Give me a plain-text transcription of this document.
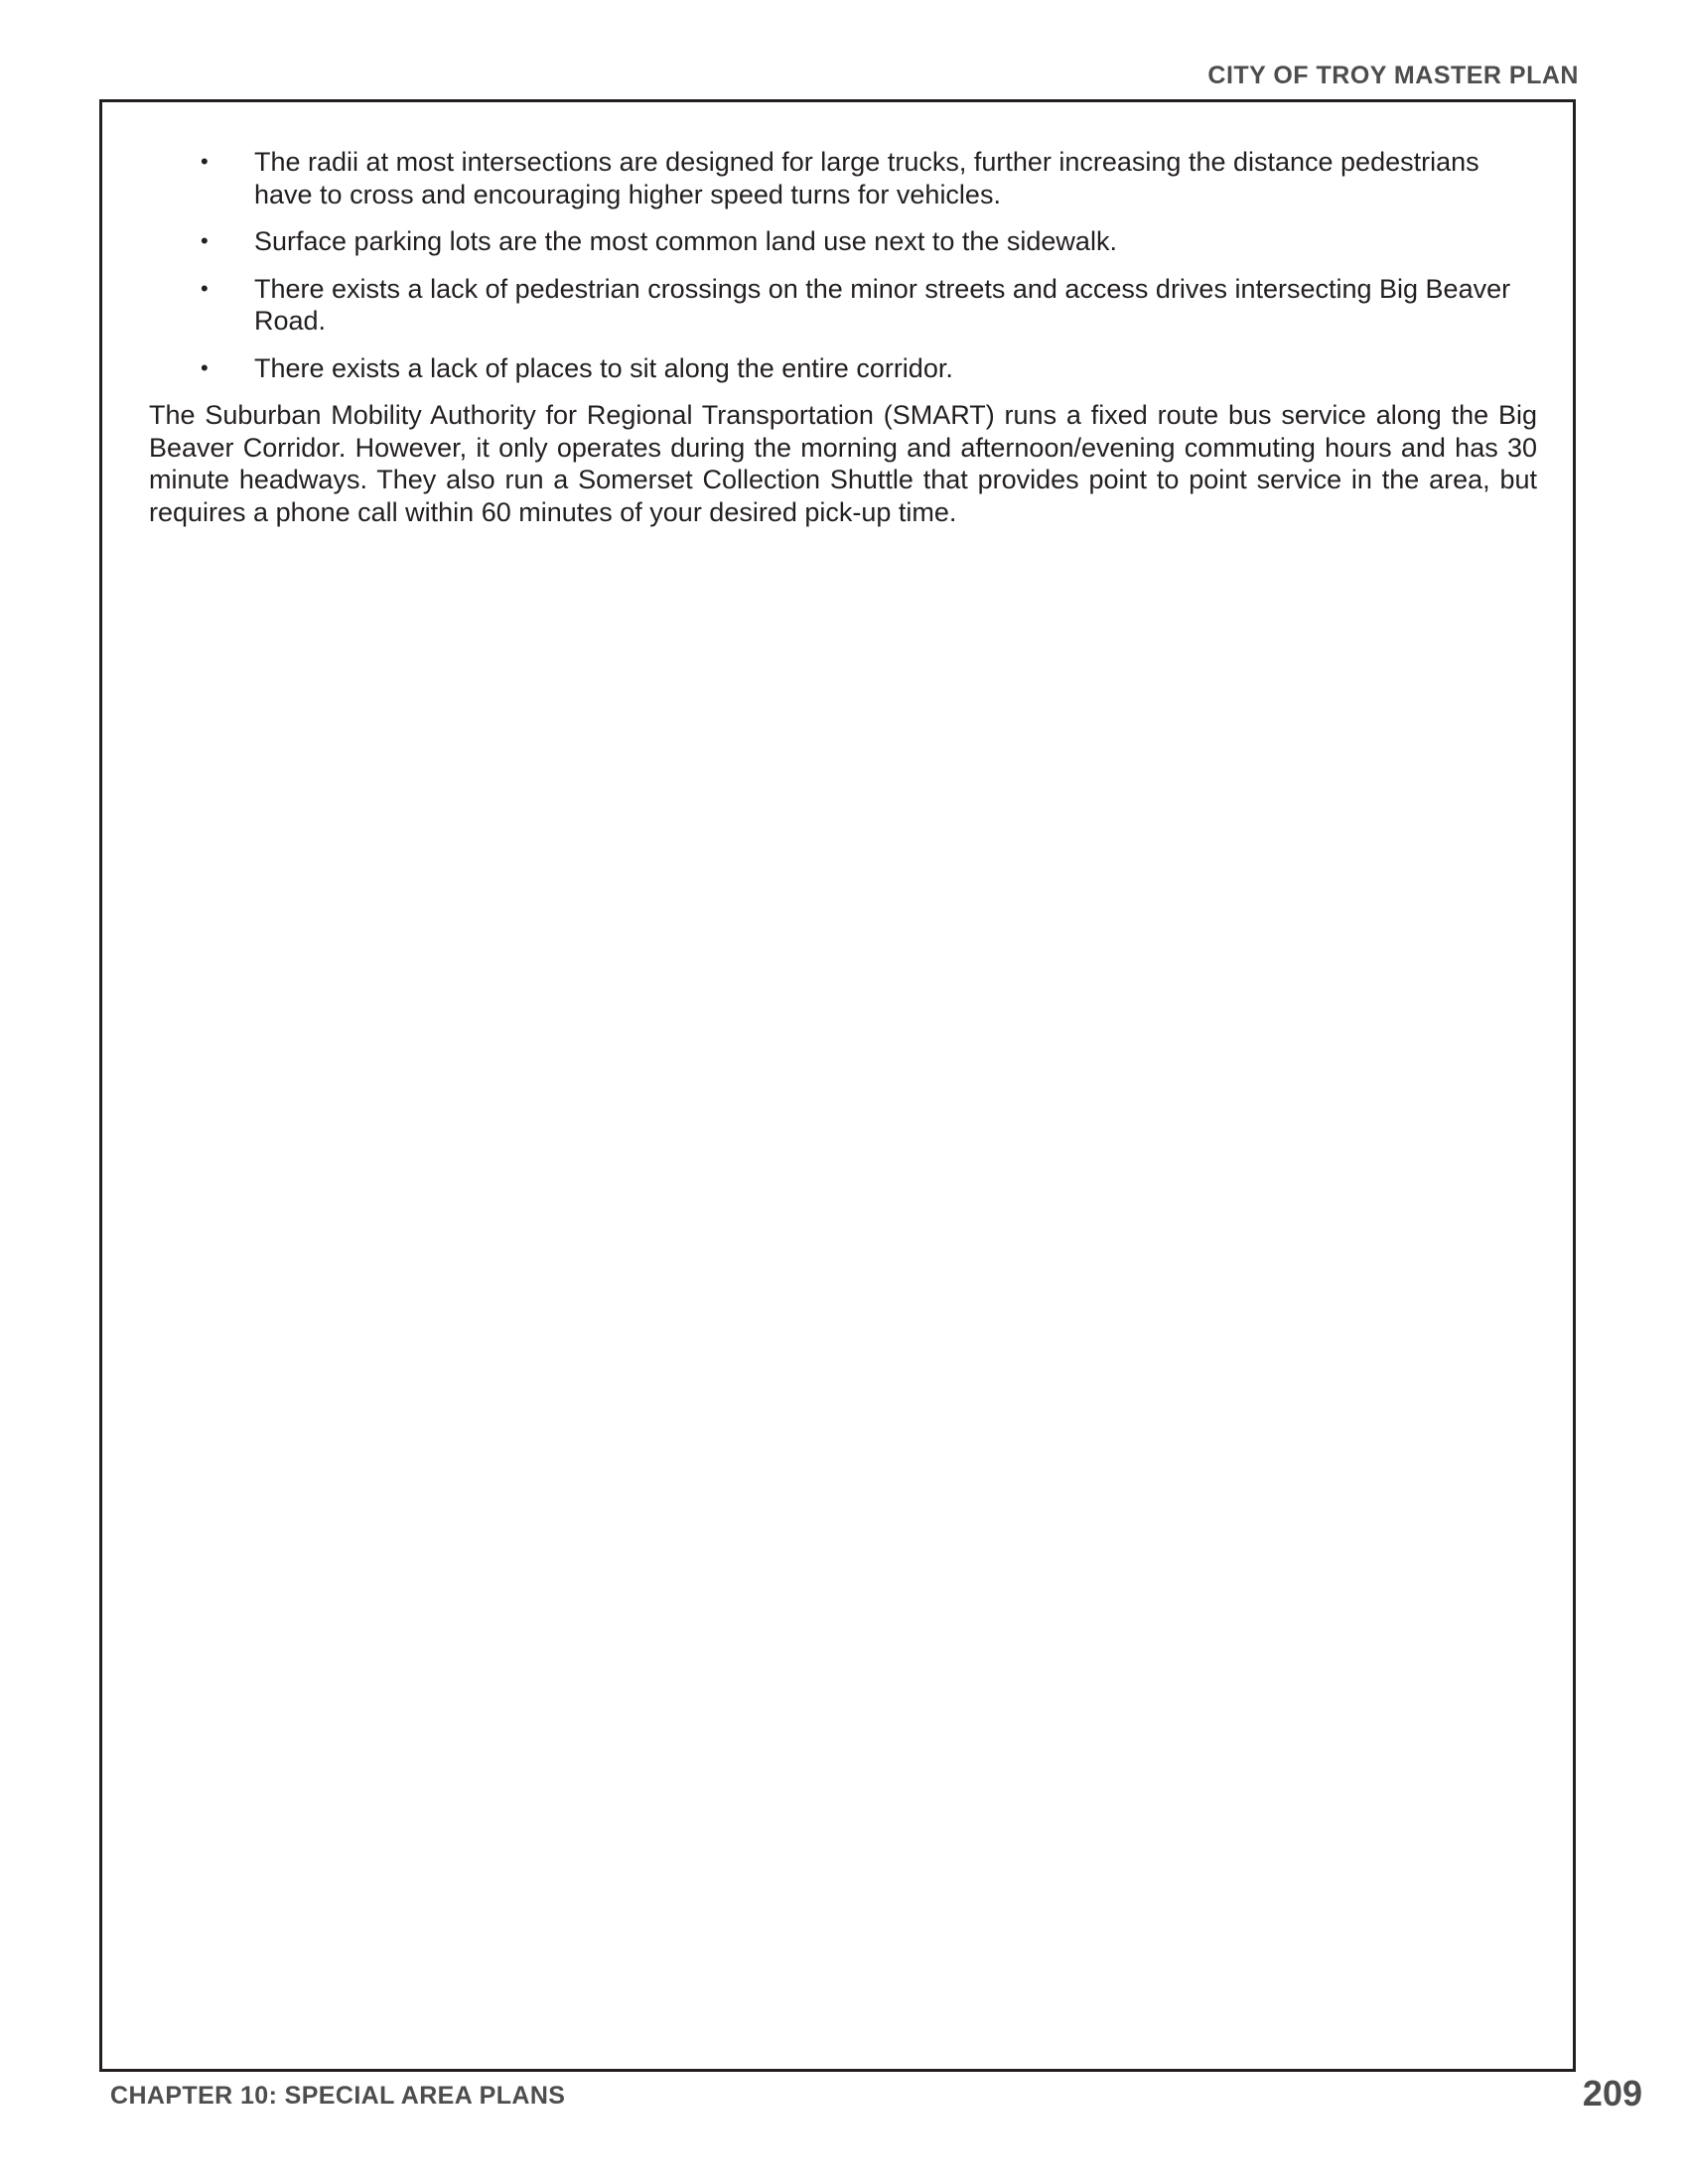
CITY OF TROY MASTER PLAN
• The radii at most intersections are designed for large trucks, further increasing the distance pedestrians have to cross and encouraging higher speed turns for vehicles.
• Surface parking lots are the most common land use next to the sidewalk.
• There exists a lack of pedestrian crossings on the minor streets and access drives intersecting Big Beaver Road.
• There exists a lack of places to sit along the entire corridor.

The Suburban Mobility Authority for Regional Transportation (SMART) runs a fixed route bus service along the Big Beaver Corridor. However, it only operates during the morning and afternoon/evening commuting hours and has 30 minute headways. They also run a Somerset Collection Shuttle that provides point to point service in the area, but requires a phone call within 60 minutes of your desired pick-up time.

CHAPTER 10: SPECIAL AREA PLANS	209
